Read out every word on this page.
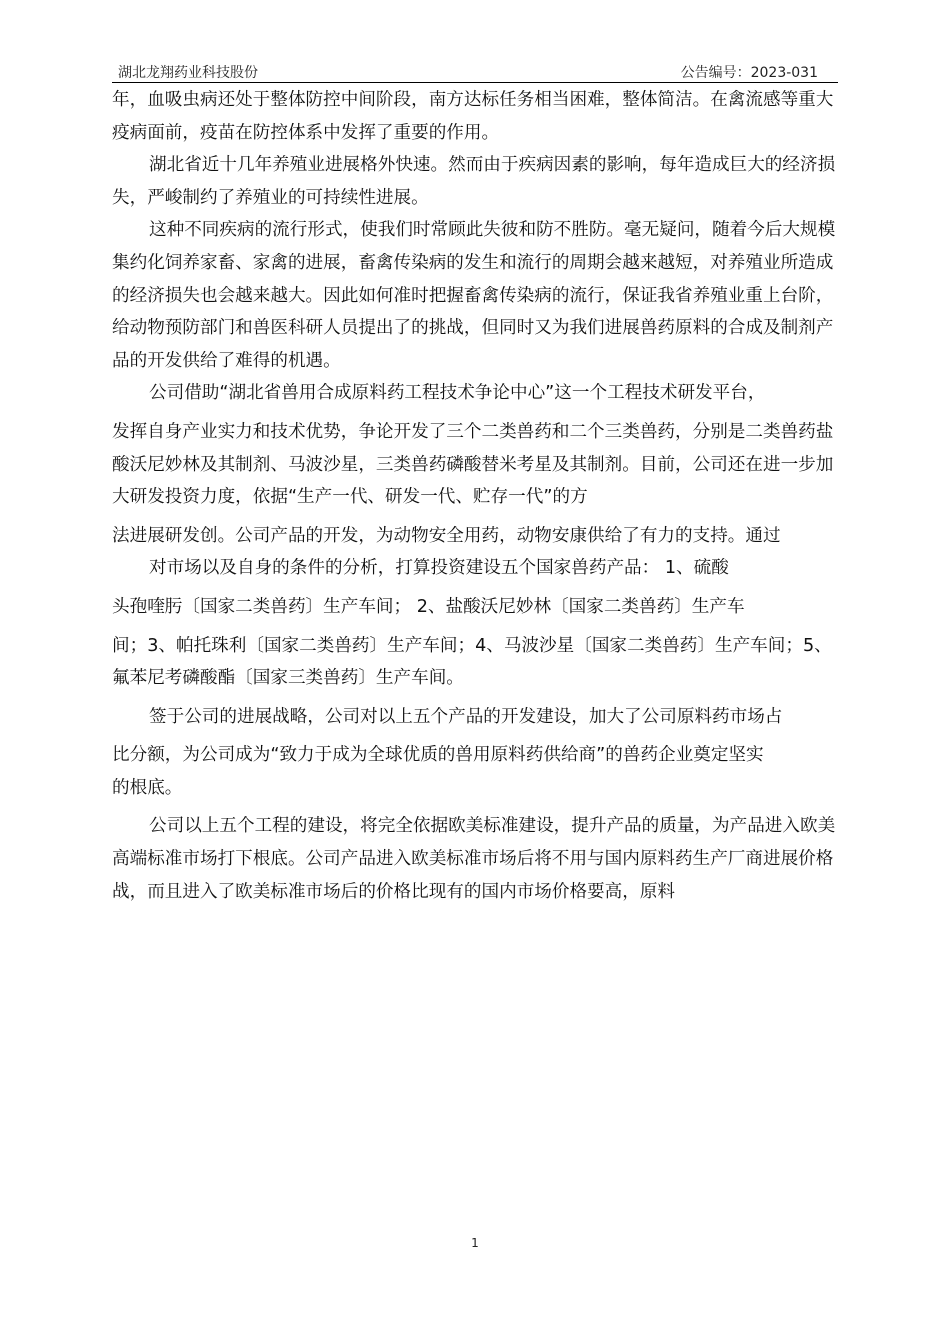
湖北龙翔药业科技股份	公告编号：2023-031

年，血吸虫病还处于整体防控中间阶段，南方达标任务相当困难，整体简洁。在禽流感等重大疫病面前，疫苗在防控体系中发挥了重要的作用。

湖北省近十几年养殖业进展格外快速。然而由于疾病因素的影响，每年造成巨大的经济损失，严峻制约了养殖业的可持续性进展。

这种不同疾病的流行形式，使我们时常顾此失彼和防不胜防。毫无疑问，随着今后大规模集约化饲养家畜、家禽的进展，畜禽传染病的发生和流行的周期会越来越短，对养殖业所造成的经济损失也会越来越大。因此如何准时把握畜禽传染病的流行，保证我省养殖业重上台阶，给动物预防部门和兽医科研人员提出了的挑战，但同时又为我们进展兽药原料的合成及制剂产品的开发供给了难得的机遇。

公司借助“湖北省兽用合成原料药工程技术争论中心”这一个工程技术研发平台，

发挥自身产业实力和技术优势，争论开发了三个二类兽药和二个三类兽药，分别是二类兽药盐酸沃尼妙林及其制剂、马波沙星，三类兽药磷酸替米考星及其制剂。目前，公司还在进一步加大研发投资力度，依据“生产一代、研发一代、贮存一代”的方

法进展研发创。公司产品的开发，为动物安全用药，动物安康供给了有力的支持。通过

对市场以及自身的条件的分析，打算投资建设五个国家兽药产品： 1、硫酸

头孢喹肟〔国家二类兽药〕生产车间； 2、盐酸沃尼妙林〔国家二类兽药〕生产车

间；3、帕托珠利〔国家二类兽药〕生产车间；4、马波沙星〔国家二类兽药〕生产车间；5、氟苯尼考磷酸酯〔国家三类兽药〕生产车间。

签于公司的进展战略，公司对以上五个产品的开发建设，加大了公司原料药市场占

比分额，为公司成为“致力于成为全球优质的兽用原料药供给商”的兽药企业奠定坚实

的根底。

公司以上五个工程的建设，将完全依据欧美标准建设，提升产品的质量，为产品进入欧美高端标准市场打下根底。公司产品进入欧美标准市场后将不用与国内原料药生产厂商进展价格战，而且进入了欧美标准市场后的价格比现有的国内市场价格要高，原料

1
